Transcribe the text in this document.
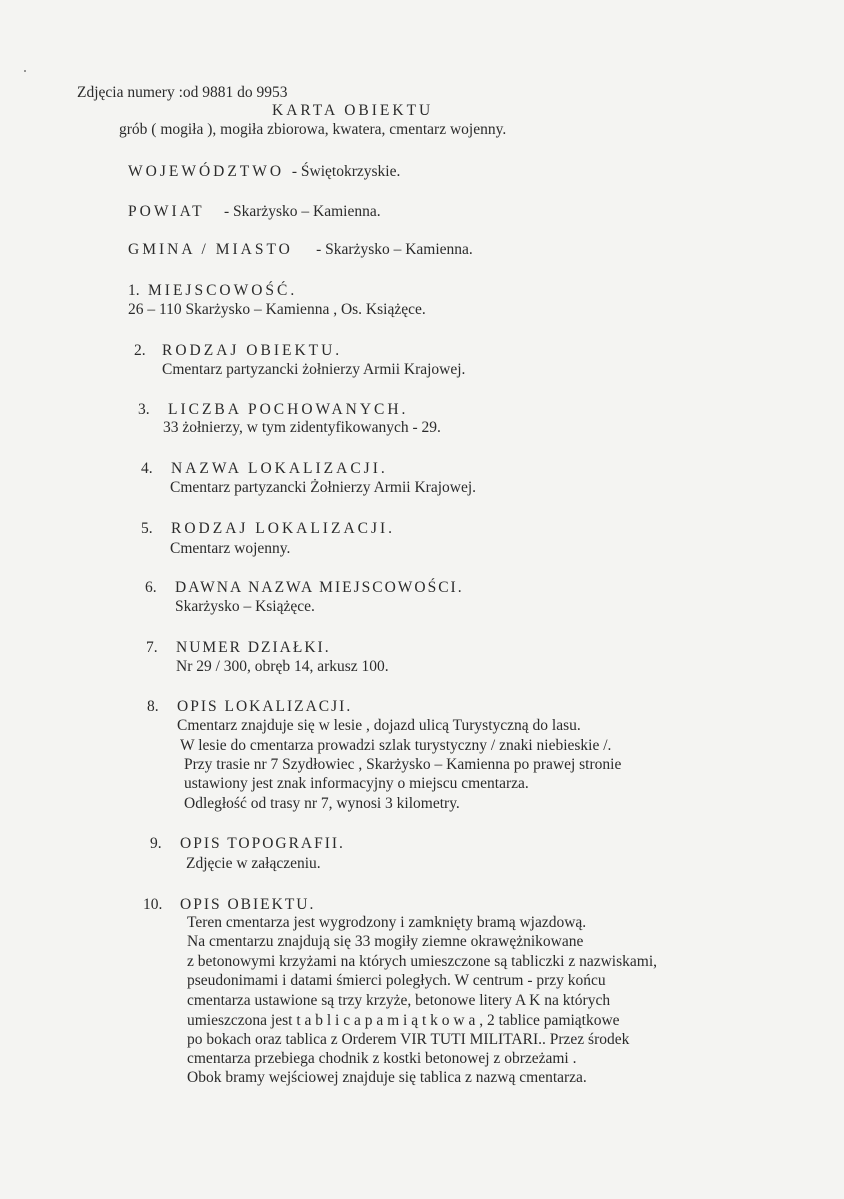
Zdjęcia numery :od 9881 do 9953
KARTA OBIEKTU
grób ( mogiła ), mogiła zbiorowa, kwatera, cmentarz wojenny.
WOJEWÓDZTWO - Świętokrzyskie.
POWIAT - Skarżysko – Kamienna.
GMINA / MIASTO - Skarżysko – Kamienna.
1. MIEJSCOWOŚĆ.
26 – 110 Skarżysko – Kamienna , Os. Książęce.
2. RODZAJ OBIEKTU.
Cmentarz partyzancki żołnierzy Armii Krajowej.
3. LICZBA POCHOWANYCH.
33 żołnierzy, w tym zidentyfikowanych - 29.
4. NAZWA LOKALIZACJI.
Cmentarz partyzancki Żołnierzy Armii Krajowej.
5. RODZAJ LOKALIZACJI.
Cmentarz wojenny.
6. DAWNA NAZWA MIEJSCOWOŚCI.
Skarżysko – Książęce.
7. NUMER DZIAŁKI.
Nr 29 / 300, obręb 14, arkusz 100.
8. OPIS LOKALIZACJI.
Cmentarz znajduje się w lesie , dojazd ulicą Turystyczną do lasu.
W lesie do cmentarza prowadzi szlak turystyczny / znaki niebieskie /.
Przy trasie nr 7 Szydłowiec , Skarżysko – Kamienna po prawej stronie
ustawiony jest znak informacyjny o miejscu cmentarza.
Odległość od trasy nr 7, wynosi 3 kilometry.
9. OPIS TOPOGRAFII.
Zdjęcie w załączeniu.
10. OPIS OBIEKTU.
Teren cmentarza jest wygrodzony i zamknięty bramą wjazdową.
Na cmentarzu znajdują się 33 mogiły ziemne okrawężnikowane
z betonowymi krzyżami na których umieszczone są tabliczki z nazwiskami,
pseudonimami i datami śmierci poległych. W centrum - przy końcu
cmentarza ustawione są trzy krzyże, betonowe litery A K na których
umieszczona jest t a b l i c a p a m i ą t k o w a , 2 tablice pamiątkowe
po bokach oraz tablica z Orderem VIR TUTI MILITARI.. Przez środek
cmentarza przebiega chodnik z kostki betonowej z obrzeżami .
Obok bramy wejściowej znajduje się tablica z nazwą cmentarza.
